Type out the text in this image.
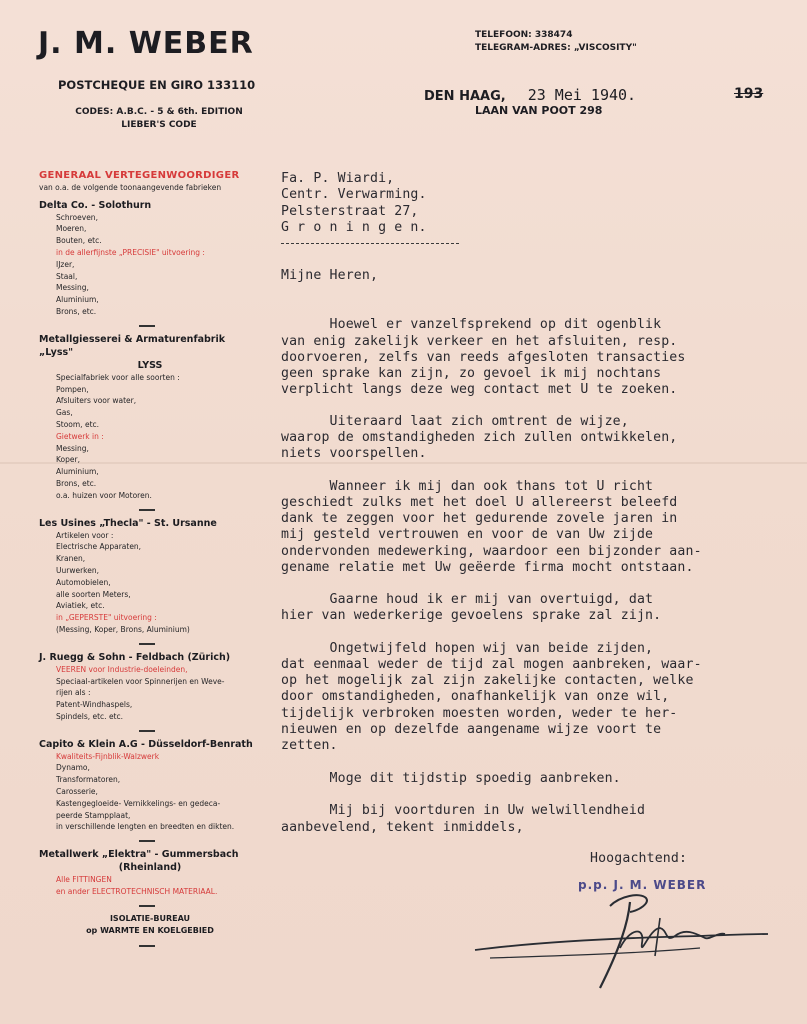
J. M. WEBER
POSTCHEQUE EN GIRO 133110
CODES: A.B.C. - 5 & 6th. EDITION
LIEBER'S CODE
TELEFOON: 338474
TELEGRAM-ADRES: „VISCOSITY"
DEN HAAG, 23 Mei 1940.	193
LAAN VAN POOT 298
GENERAAL VERTEGENWOORDIGER
van o.a. de volgende toonaangevende fabrieken
Delta Co. - Solothurn
Schroeven,
Moeren,
Bouten, etc.
in de allerfijnste „PRECISIE" uitvoering :
IJzer,
Staal,
Messing,
Aluminium,
Brons, etc.
Metallgiesserei & Armaturenfabrik „Lyss"
LYSS
Specialfabriek voor alle soorten :
Pompen,
Afsluiters voor water,
Gas,
Stoom, etc.
Gietwerk in :
Messing,
Koper,
Aluminium,
Brons, etc.
o.a. huizen voor Motoren.
Les Usines „Thecla" - St. Ursanne
Artikelen voor :
Electrische Apparaten,
Kranen,
Uurwerken,
Automobielen,
alle soorten Meters,
Aviatiek, etc.
in „GEPERSTE" uitvoering :
(Messing, Koper, Brons, Aluminium)
J. Ruegg & Sohn - Feldbach (Zürich)
VEEREN voor Industrie-doeleinden,
Speciaal-artikelen voor Spinnerijen en Weve-
rijen als :
Patent-Windhaspels,
Spindels, etc. etc.
Capito & Klein A.G - Düsseldorf-Benrath
Kwaliteits-Fijnblik-Walzwerk
Dynamo,
Transformatoren,
Carosserie,
Kastengegloeide- Vernikkelings- en gedeca-
peerde Stampplaat,
in verschillende lengten en breedten en dikten.
Metallwerk „Elektra" - Gummersbach
(Rheinland)
Alle FITTINGEN
en ander ELECTROTECHNISCH MATERIAAL.
ISOLATIE-BUREAU
op WARMTE EN KOELGEBIED
Fa. P. Wiardi,
Centr. Verwarming.
Pelsterstraat 27,
G r o n i n g e n.
Mijne Heren,
Hoewel er vanzelfsprekend op dit ogenblik
van enig zakelijk verkeer en het afsluiten, resp.
doorvoeren, zelfs van reeds afgesloten transacties
geen sprake kan zijn, zo gevoel ik mij nochtans
verplicht langs deze weg contact met U te zoeken.
Uiteraard laat zich omtrent de wijze,
waarop de omstandigheden zich zullen ontwikkelen,
niets voorspellen.
Wanneer ik mij dan ook thans tot U richt
geschiedt zulks met het doel U allereerst beleefd
dank te zeggen voor het gedurende zovele jaren in
mij gesteld vertrouwen en voor de van Uw zijde
ondervonden medewerking, waardoor een bijzonder aan-
gename relatie met Uw geëerde firma mocht ontstaan.
Gaarne houd ik er mij van overtuigd, dat
hier van wederkerige gevoelens sprake zal zijn.
Ongetwijfeld hopen wij van beide zijden,
dat eenmaal weder de tijd zal mogen aanbreken, waar-
op het mogelijk zal zijn zakelijke contacten, welke
door omstandigheden, onafhankelijk van onze wil,
tijdelijk verbroken moesten worden, weder te her-
nieuwen en op dezelfde aangename wijze voort te
zetten.
Moge dit tijdstip spoedig aanbreken.
Mij bij voortduren in Uw welwillendheid
aanbevelend, tekent inmiddels,
Hoogachtend:
p.p. J. M. WEBER
